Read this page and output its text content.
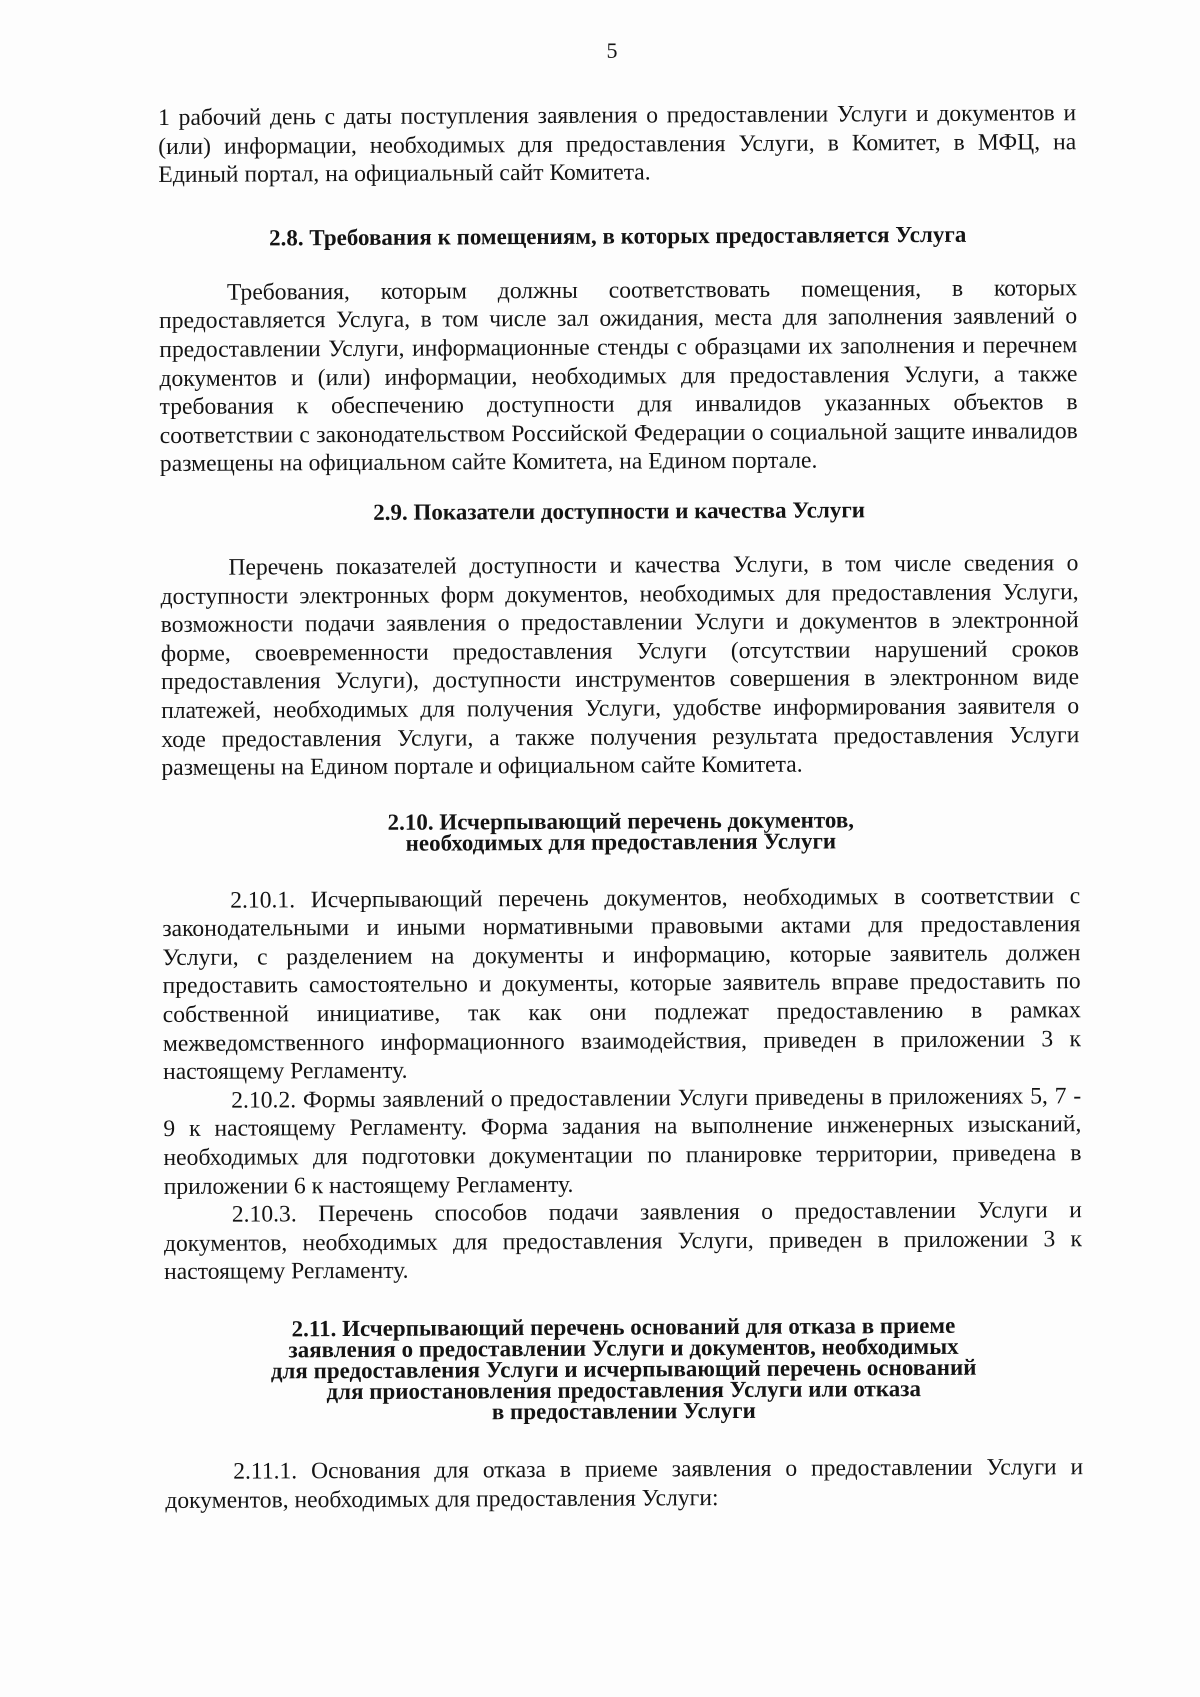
5

1 рабочий день с даты поступления заявления о предоставлении Услуги и документов и (или) информации, необходимых для предоставления Услуги, в Комитет, в МФЦ, на Единый портал, на официальный сайт Комитета.

2.8. Требования к помещениям, в которых предоставляется Услуга

Требования, которым должны соответствовать помещения, в которых предоставляется Услуга, в том числе зал ожидания, места для заполнения заявлений о предоставлении Услуги, информационные стенды с образцами их заполнения и перечнем документов и (или) информации, необходимых для предоставления Услуги, а также требования к обеспечению доступности для инвалидов указанных объектов в соответствии с законодательством Российской Федерации о социальной защите инвалидов размещены на официальном сайте Комитета, на Едином портале.

2.9. Показатели доступности и качества Услуги

Перечень показателей доступности и качества Услуги, в том числе сведения о доступности электронных форм документов, необходимых для предоставления Услуги, возможности подачи заявления о предоставлении Услуги и документов в электронной форме, своевременности предоставления Услуги (отсутствии нарушений сроков предоставления Услуги), доступности инструментов совершения в электронном виде платежей, необходимых для получения Услуги, удобстве информирования заявителя о ходе предоставления Услуги, а также получения результата предоставления Услуги размещены на Едином портале и официальном сайте Комитета.

2.10. Исчерпывающий перечень документов,
необходимых для предоставления Услуги

2.10.1. Исчерпывающий перечень документов, необходимых в соответствии с законодательными и иными нормативными правовыми актами для предоставления Услуги, с разделением на документы и информацию, которые заявитель должен предоставить самостоятельно и документы, которые заявитель вправе предоставить по собственной инициативе, так как они подлежат предоставлению в рамках межведомственного информационного взаимодействия, приведен в приложении 3 к настоящему Регламенту.

2.10.2. Формы заявлений о предоставлении Услуги приведены в приложениях 5, 7 - 9 к настоящему Регламенту. Форма задания на выполнение инженерных изысканий, необходимых для подготовки документации по планировке территории, приведена в приложении 6 к настоящему Регламенту.

2.10.3. Перечень способов подачи заявления о предоставлении Услуги и документов, необходимых для предоставления Услуги, приведен в приложении 3 к настоящему Регламенту.

2.11. Исчерпывающий перечень оснований для отказа в приеме
заявления о предоставлении Услуги и документов, необходимых
для предоставления Услуги и исчерпывающий перечень оснований
для приостановления предоставления Услуги или отказа
в предоставлении Услуги

2.11.1. Основания для отказа в приеме заявления о предоставлении Услуги и документов, необходимых для предоставления Услуги:
